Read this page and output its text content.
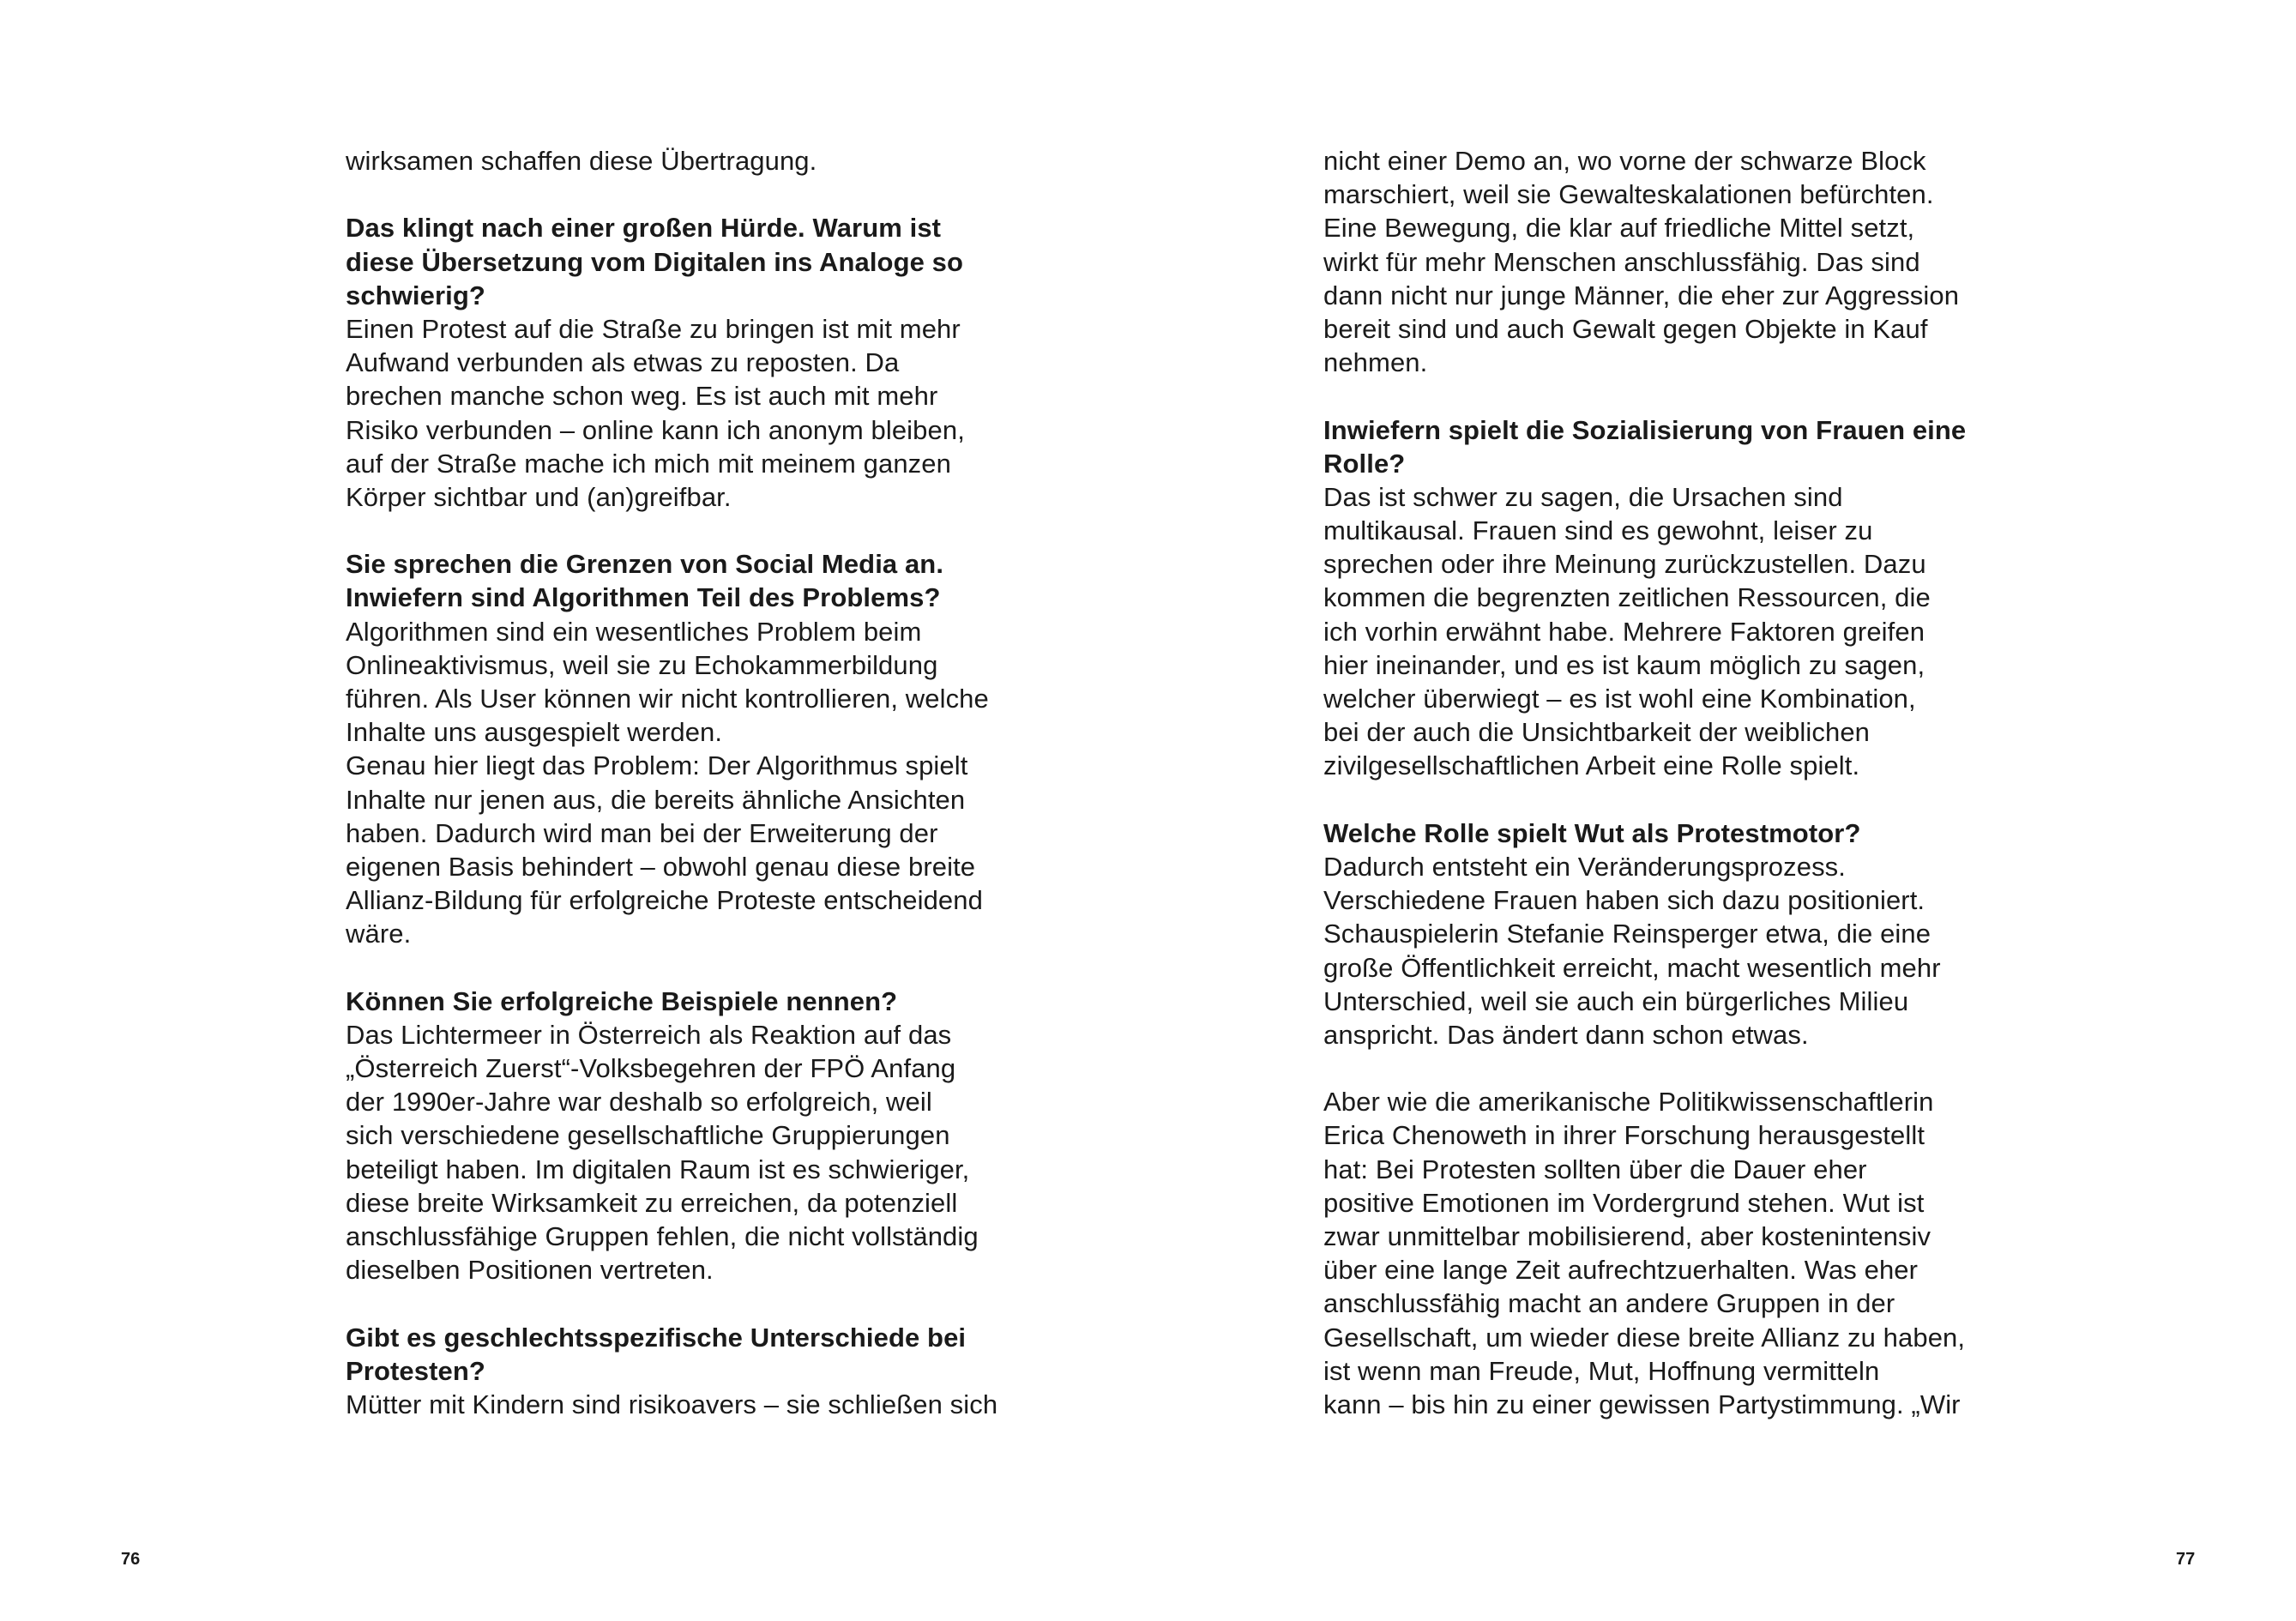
wirksamen schaffen diese Übertragung.
Das klingt nach einer großen Hürde. Warum ist
diese Übersetzung vom Digitalen ins Analoge so
schwierig?
Einen Protest auf die Straße zu bringen ist mit mehr
Aufwand verbunden als etwas zu reposten. Da
brechen manche schon weg. Es ist auch mit mehr
Risiko verbunden – online kann ich anonym bleiben,
auf der Straße mache ich mich mit meinem ganzen
Körper sichtbar und (an)greifbar.
Sie sprechen die Grenzen von Social Media an.
Inwiefern sind Algorithmen Teil des Problems?
Algorithmen sind ein wesentliches Problem beim
Onlineaktivismus, weil sie zu Echokammerbildung
führen. Als User können wir nicht kontrollieren, welche
Inhalte uns ausgespielt werden.
Genau hier liegt das Problem: Der Algorithmus spielt
Inhalte nur jenen aus, die bereits ähnliche Ansichten
haben. Dadurch wird man bei der Erweiterung der
eigenen Basis behindert – obwohl genau diese breite
Allianz-Bildung für erfolgreiche Proteste entscheidend
wäre.
Können Sie erfolgreiche Beispiele nennen?
Das Lichtermeer in Österreich als Reaktion auf das
„Österreich Zuerst“-Volksbegehren der FPÖ Anfang
der 1990er-Jahre war deshalb so erfolgreich, weil
sich verschiedene gesellschaftliche Gruppierungen
beteiligt haben. Im digitalen Raum ist es schwieriger,
diese breite Wirksamkeit zu erreichen, da potenziell
anschlussfähige Gruppen fehlen, die nicht vollständig
dieselben Positionen vertreten.
Gibt es geschlechtsspezifische Unterschiede bei
Protesten?
Mütter mit Kindern sind risikoavers – sie schließen sich
nicht einer Demo an, wo vorne der schwarze Block
marschiert, weil sie Gewalteskalationen befürchten.
Eine Bewegung, die klar auf friedliche Mittel setzt,
wirkt für mehr Menschen anschlussfähig. Das sind
dann nicht nur junge Männer, die eher zur Aggression
bereit sind und auch Gewalt gegen Objekte in Kauf
nehmen.
Inwiefern spielt die Sozialisierung von Frauen eine
Rolle?
Das ist schwer zu sagen, die Ursachen sind
multikausal. Frauen sind es gewohnt, leiser zu
sprechen oder ihre Meinung zurückzustellen. Dazu
kommen die begrenzten zeitlichen Ressourcen, die
ich vorhin erwähnt habe. Mehrere Faktoren greifen
hier ineinander, und es ist kaum möglich zu sagen,
welcher überwiegt – es ist wohl eine Kombination,
bei der auch die Unsichtbarkeit der weiblichen
zivilgesellschaftlichen Arbeit eine Rolle spielt.
Welche Rolle spielt Wut als Protestmotor?
Dadurch entsteht ein Veränderungsprozess.
Verschiedene Frauen haben sich dazu positioniert.
Schauspielerin Stefanie Reinsperger etwa, die eine
große Öffentlichkeit erreicht, macht wesentlich mehr
Unterschied, weil sie auch ein bürgerliches Milieu
anspricht. Das ändert dann schon etwas.
Aber wie die amerikanische Politikwissenschaftlerin
Erica Chenoweth in ihrer Forschung herausgestellt
hat: Bei Protesten sollten über die Dauer eher
positive Emotionen im Vordergrund stehen. Wut ist
zwar unmittelbar mobilisierend, aber kostenintensiv
über eine lange Zeit aufrechtzuerhalten. Was eher
anschlussfähig macht an andere Gruppen in der
Gesellschaft, um wieder diese breite Allianz zu haben,
ist wenn man Freude, Mut, Hoffnung vermitteln
kann – bis hin zu einer gewissen Partystimmung. „Wir
76	77
